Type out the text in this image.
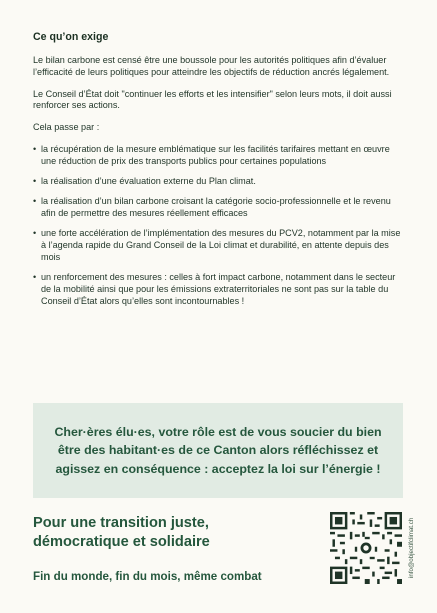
Ce qu’on exige

Le bilan carbone est censé être une boussole pour les autorités politiques afin d’évaluer l’efficacité de leurs politiques pour atteindre les objectifs de réduction ancrés légalement.

Le Conseil d’État doit "continuer les efforts et les intensifier" selon leurs mots, il doit aussi renforcer ses actions.

Cela passe par :

• la récupération de la mesure emblématique sur les facilités tarifaires mettant en œuvre une réduction de prix des transports publics pour certaines populations
• la réalisation d’une évaluation externe du Plan climat.
• la réalisation d’un bilan carbone croisant la catégorie socio-professionnelle et le revenu afin de permettre des mesures réellement efficaces
• une forte accélération de l’implémentation des mesures du PCV2, notamment par la mise à l’agenda rapide du Grand Conseil de la Loi climat et durabilité, en attente depuis des mois
• un renforcement des mesures : celles à fort impact carbone, notamment dans le secteur de la mobilité ainsi que pour les émissions extraterritoriales ne sont pas sur la table du Conseil d’État alors qu’elles sont incontournables !

Cher·ères élu·es, votre rôle est de vous soucier du bien être des habitant·es de ce Canton alors réfléchissez et agissez en conséquence : acceptez la loi sur l’énergie !

Pour une transition juste, démocratique et solidaire

Fin du monde, fin du mois, même combat	info@objectifclimat.ch
